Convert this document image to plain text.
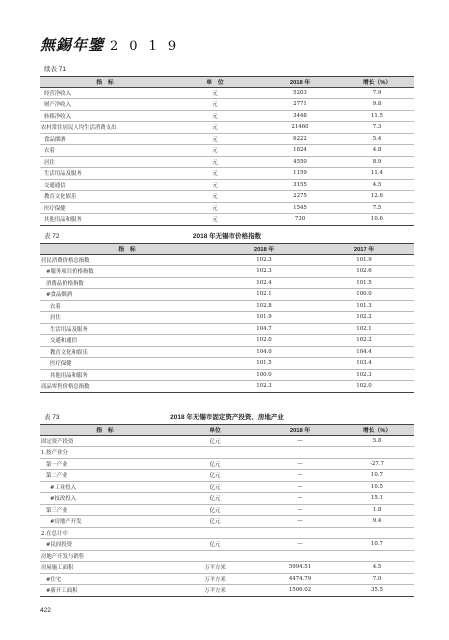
無錫年鑒 2019
续表 71
指　标	单　位	2018 年	增长（%）
经营净收入	元	5203	7.9
财产净收入	元	2771	9.8
转移净收入	元	3448	11.5
农村常住居民人均生活消费支出	元	21460	7.3
食品烟酒	元	6222	5.4
衣着	元	1824	4.8
居住	元	4550	8.9
生活用品及服务	元	1159	11.4
交通通信	元	3155	4.5
教育文化娱乐	元	2275	12.6
医疗保健	元	1545	7.5
其他用品和服务	元	730	10.6
表 72	2018 年无锡市价格指数
指　标	2018 年	2017 年
居民消费价格总指数	102.3	101.9
#服务项目价格指数	102.3	102.6
消费品价格指数	102.4	101.5
#食品烟酒	102.1	100.0
衣着	102.8	101.3
居住	101.9	102.2
生活用品及服务	104.7	102.1
交通和通信	102.0	102.2
教育文化和娱乐	104.0	104.4
医疗保健	101.5	103.4
其他用品和服务	100.0	102.3
商品零售价格总指数	102.3	102.0
表 73	2018 年无锡市固定资产投资、房地产业
指　标	单位	2018 年	增长（%）
固定资产投资	亿元	—	5.8
1.按产业分			
第一产业	亿元	—	-27.7
第二产业	亿元	—	10.7
#工业投入	亿元	—	10.5
#技改投入	亿元	—	15.1
第三产业	亿元	—	1.8
#房地产开发	亿元	—	9.4
2.在总计中			
#民间投资	亿元	—	10.7
房地产开发与销售			
房屋施工面积	万平方米	5994.51	4.5
#住宅	万平方米	4474.79	7.0
#新开工面积	万平方米	1506.02	35.5
422
